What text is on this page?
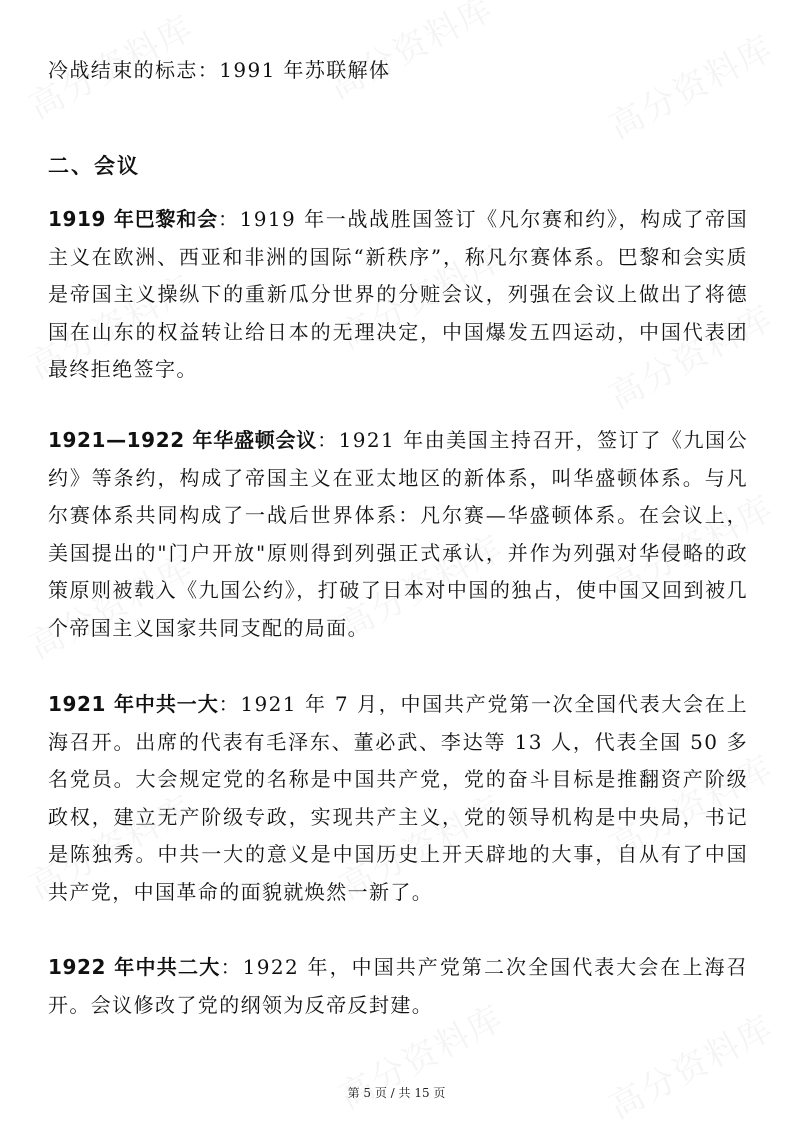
冷战结束的标志：1991 年苏联解体

二、会议

1919 年巴黎和会：1919 年一战战胜国签订《凡尔赛和约》，构成了帝国主义在欧洲、西亚和非洲的国际“新秩序”，称凡尔赛体系。巴黎和会实质是帝国主义操纵下的重新瓜分世界的分赃会议，列强在会议上做出了将德国在山东的权益转让给日本的无理决定，中国爆发五四运动，中国代表团最终拒绝签字。

1921—1922 年华盛顿会议：1921 年由美国主持召开，签订了《九国公约》等条约，构成了帝国主义在亚太地区的新体系，叫华盛顿体系。与凡尔赛体系共同构成了一战后世界体系：凡尔赛—华盛顿体系。在会议上，美国提出的"门户开放"原则得到列强正式承认，并作为列强对华侵略的政策原则被载入《九国公约》，打破了日本对中国的独占，使中国又回到被几个帝国主义国家共同支配的局面。

1921 年中共一大：1921 年 7 月，中国共产党第一次全国代表大会在上海召开。出席的代表有毛泽东、董必武、李达等 13 人，代表全国 50 多名党员。大会规定党的名称是中国共产党，党的奋斗目标是推翻资产阶级政权，建立无产阶级专政，实现共产主义，党的领导机构是中央局，书记是陈独秀。中共一大的意义是中国历史上开天辟地的大事，自从有了中国共产党，中国革命的面貌就焕然一新了。

1922 年中共二大：1922 年，中国共产党第二次全国代表大会在上海召开。会议修改了党的纲领为反帝反封建。

第 5 页 / 共 15 页
